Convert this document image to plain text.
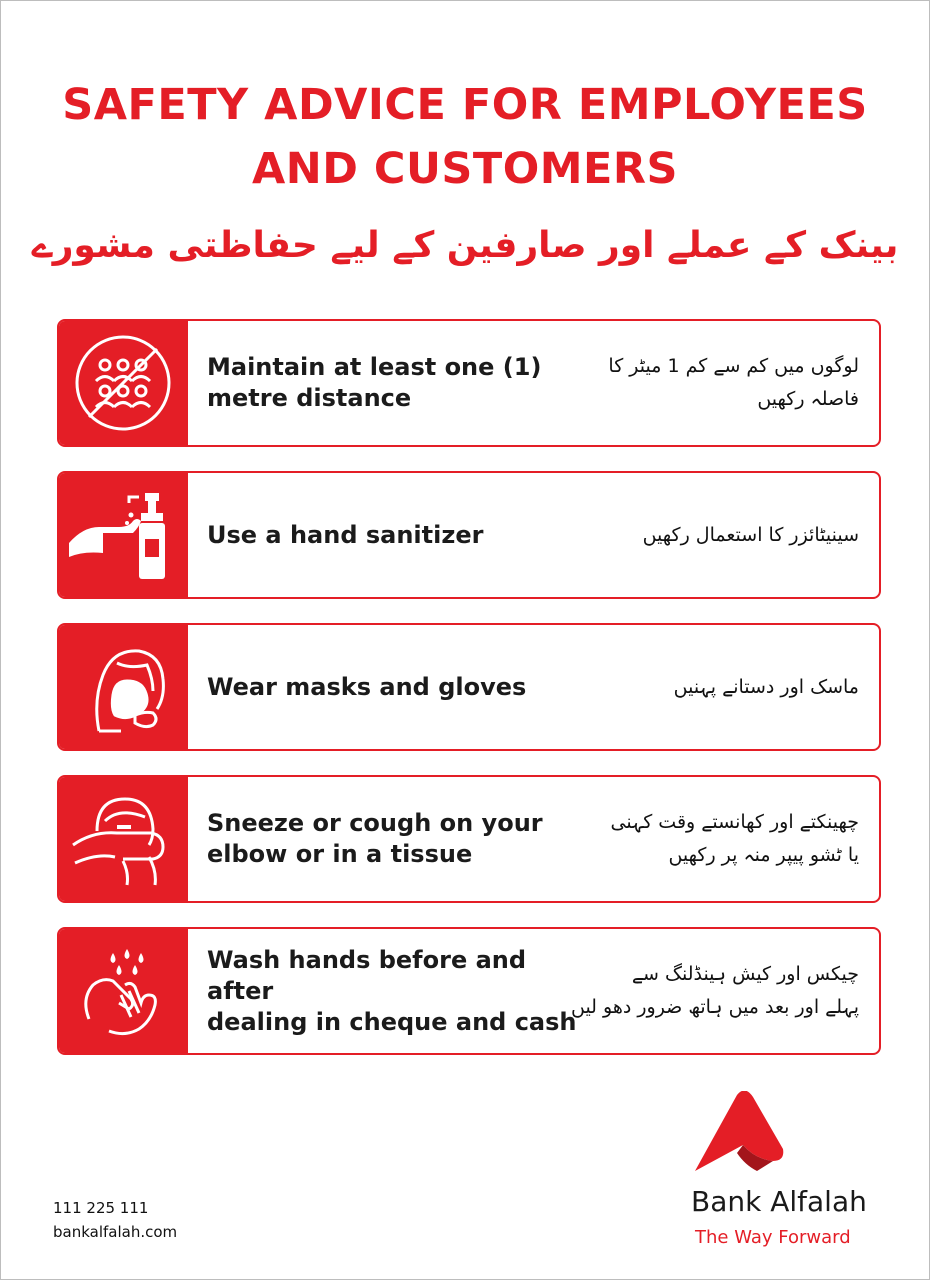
SAFETY ADVICE FOR EMPLOYEES
AND CUSTOMERS
بینک کے عملے اور صارفین کے لیے حفاظتی مشورے
Maintain at least one (1)
metre distance
لوگوں میں کم سے کم 1 میٹر کا
فاصلہ رکھیں
Use a hand sanitizer	سینیٹائزر کا استعمال رکھیں
Wear masks and gloves	ماسک اور دستانے پہنیں
Sneeze or cough on your
elbow or in a tissue
چھینکتے اور کھانستے وقت کہنی
یا ٹشو پیپر منہ پر رکھیں
Wash hands before and after
dealing in cheque and cash
چیکس اور کیش ہینڈلنگ سے
پہلے اور بعد میں ہاتھ ضرور دھو لیں
111 225 111
bankalfalah.com
Bank Alfalah
The Way Forward
